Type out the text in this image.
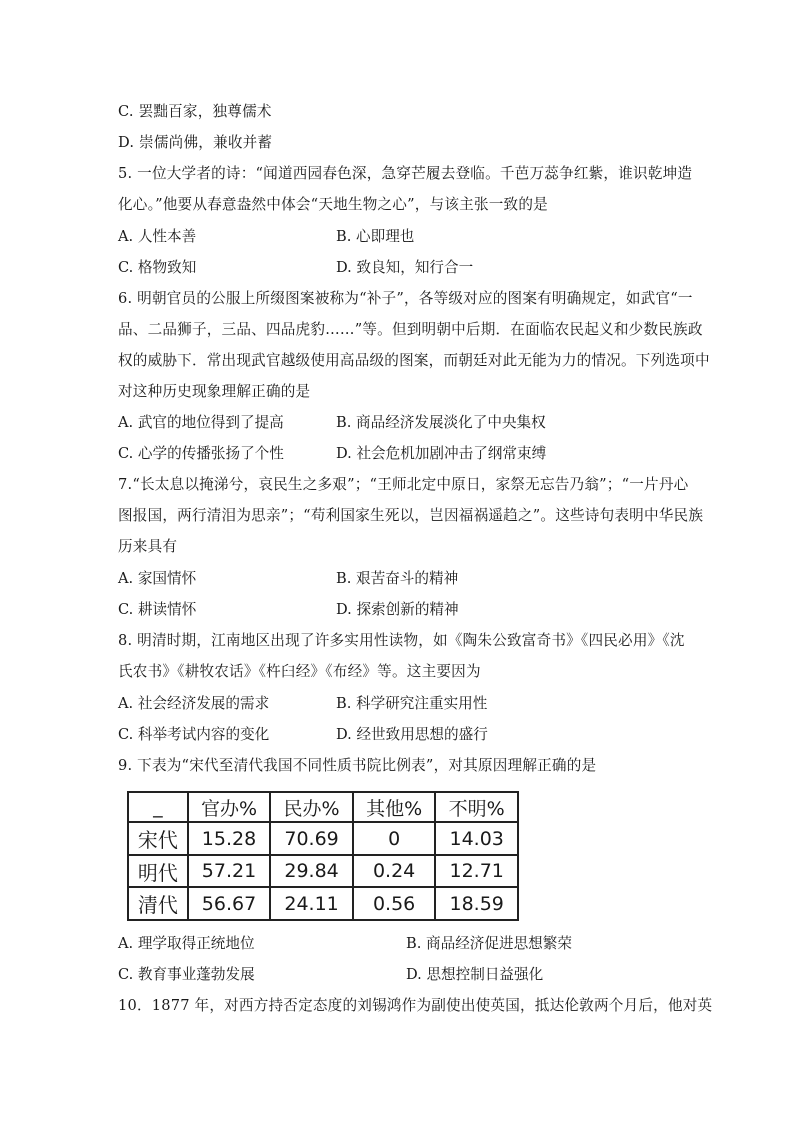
C. 罢黜百家，独尊儒术
D. 崇儒尚佛，兼收并蓄
5. 一位大学者的诗：“闻道西园春色深，急穿芒履去登临。千芭万蕊争红紫，谁识乾坤造
化心。”他要从春意盎然中体会“天地生物之心”，与该主张一致的是
A. 人性本善	B. 心即理也
C. 格物致知	D. 致良知，知行合一
6. 明朝官员的公服上所缀图案被称为“补子”，各等级对应的图案有明确规定，如武官“一
品、二品狮子，三品、四品虎豹……”等。但到明朝中后期．在面临农民起义和少数民族政
权的威胁下．常出现武官越级使用高品级的图案，而朝廷对此无能为力的情况。下列选项中
对这种历史现象理解正确的是
A. 武官的地位得到了提高	B. 商品经济发展淡化了中央集权
C. 心学的传播张扬了个性	D. 社会危机加剧冲击了纲常束缚
7.“长太息以掩涕兮，哀民生之多艰”；“王师北定中原日，家祭无忘告乃翁”；“一片丹心
图报国，两行清泪为思亲”；“苟利国家生死以，岂因福祸遥趋之”。这些诗句表明中华民族
历来具有
A. 家国情怀	B. 艰苦奋斗的精神
C. 耕读情怀	D. 探索创新的精神
8. 明清时期，江南地区出现了许多实用性读物，如《陶朱公致富奇书》《四民必用》《沈
氏农书》《耕牧农话》《杵臼经》《布经》等。这主要因为
A. 社会经济发展的需求	B. 科学研究注重实用性
C. 科举考试内容的变化	D. 经世致用思想的盛行
9. 下表为“宋代至清代我国不同性质书院比例表”，对其原因理解正确的是
_	官办%	民办%	其他%	不明%
宋代	15.28	70.69	0	14.03
明代	57.21	29.84	0.24	12.71
清代	56.67	24.11	0.56	18.59
A. 理学取得正统地位	B. 商品经济促进思想繁荣
C. 教育事业蓬勃发展	D. 思想控制日益强化
10．1877 年，对西方持否定态度的刘锡鸿作为副使出使英国，抵达伦敦两个月后，他对英
